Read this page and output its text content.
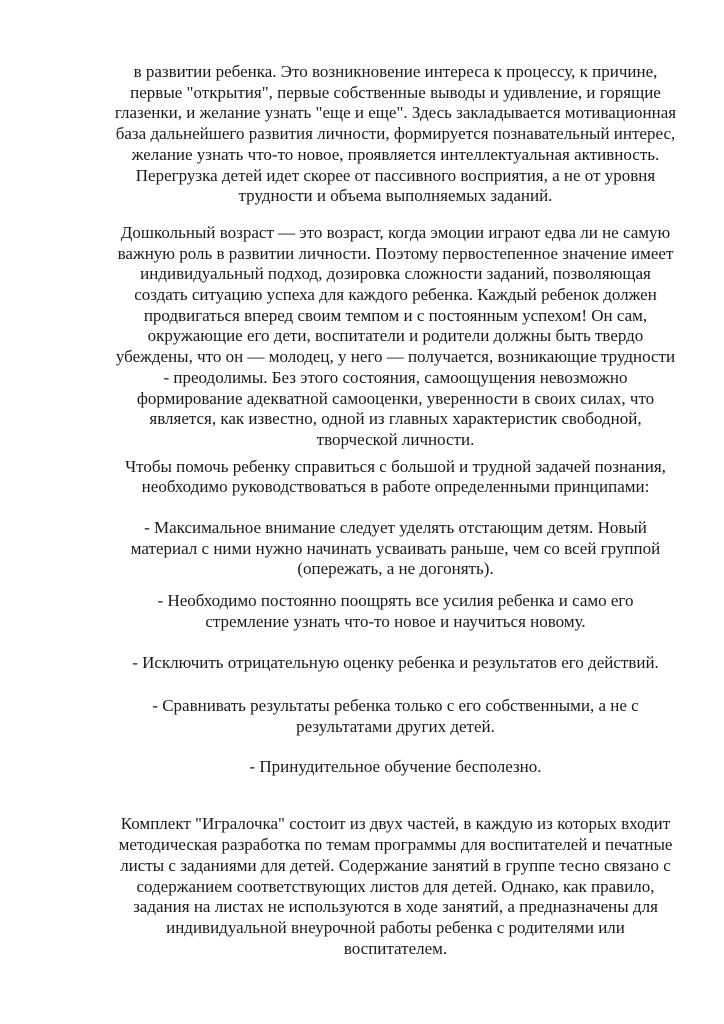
в развитии ребенка. Это возникновение интереса к процессу, к причине,
первые "открытия", первые собственные выводы и удивление, и горящие
глазенки, и желание узнать "еще и еще". Здесь закладывается мотивационная
база дальнейшего развития личности, формируется познавательный интерес,
желание узнать что-то новое, проявляется интеллектуальная активность.
Перегрузка детей идет скорее от пассивного восприятия, а не от уровня
трудности и объема выполняемых заданий.

Дошкольный возраст — это возраст, когда эмоции играют едва ли не самую
важную роль в развитии личности. Поэтому первостепенное значение имеет
индивидуальный подход, дозировка сложности заданий, позволяющая
создать ситуацию успеха для каждого ребенка. Каждый ребенок должен
продвигаться вперед своим темпом и с постоянным успехом! Он сам,
окружающие его дети, воспитатели и родители должны быть твердо
убеждены, что он — молодец, у него — получается, возникающие трудности
- преодолимы. Без этого состояния, самоощущения невозможно
формирование адекватной самооценки, уверенности в своих силах, что
является, как известно, одной из главных характеристик свободной,
творческой личности.

Чтобы помочь ребенку справиться с большой и трудной задачей познания,
необходимо руководствоваться в работе определенными принципами:

- Максимальное внимание следует уделять отстающим детям. Новый
материал с ними нужно начинать усваивать раньше, чем со всей группой
(опережать, а не догонять).

- Необходимо постоянно поощрять все усилия ребенка и само его
стремление узнать что-то новое и научиться новому.

- Исключить отрицательную оценку ребенка и результатов его действий.

- Сравнивать результаты ребенка только с его собственными, а не с
результатами других детей.

- Принудительное обучение бесполезно.

Комплект "Игралочка" состоит из двух частей, в каждую из которых входит
методическая разработка по темам программы для воспитателей и печатные
листы с заданиями для детей. Содержание занятий в группе тесно связано с
содержанием соответствующих листов для детей. Однако, как правило,
задания на листах не используются в ходе занятий, а предназначены для
индивидуальной внеурочной работы ребенка с родителями или
воспитателем.
